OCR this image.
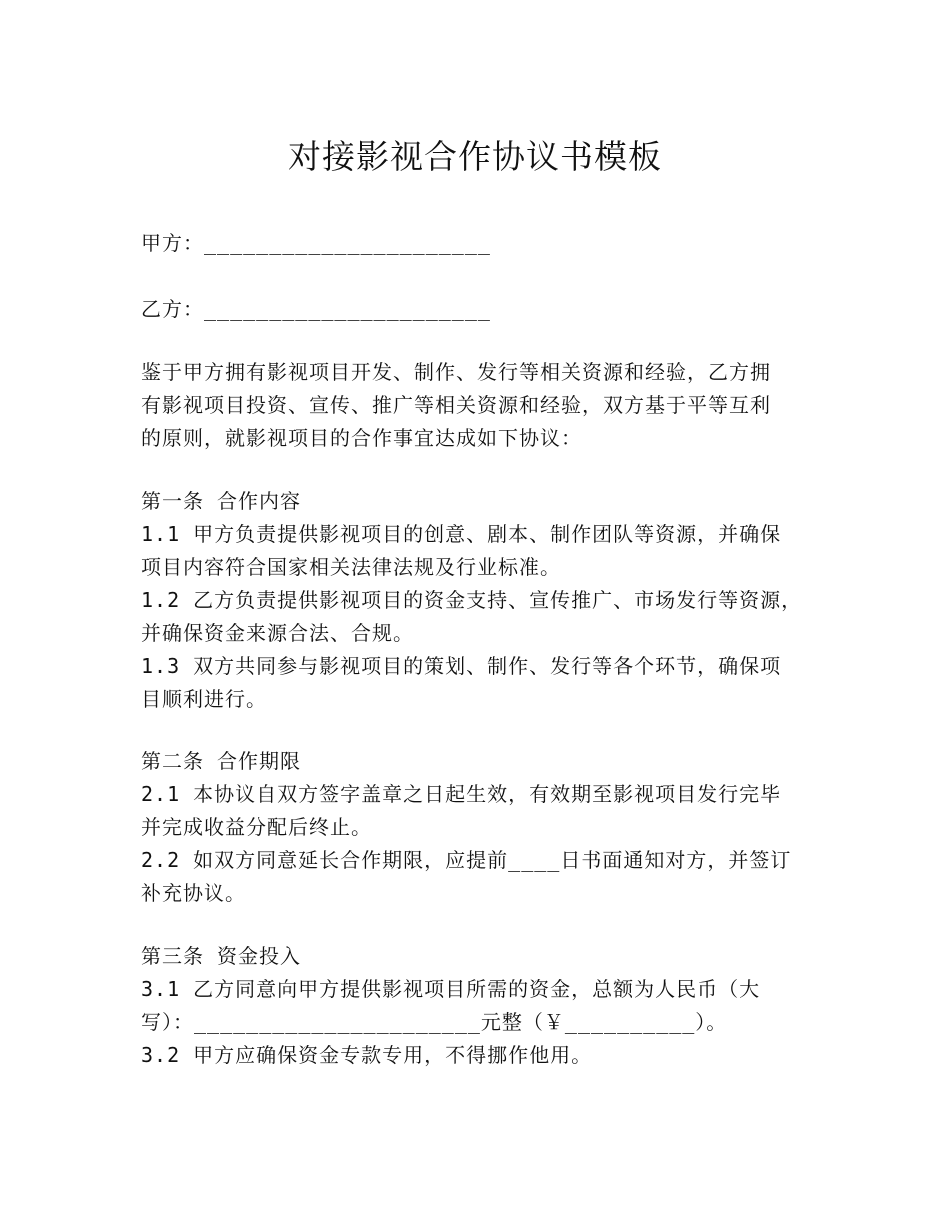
对接影视合作协议书模板
甲方：______________________
乙方：______________________
鉴于甲方拥有影视项目开发、制作、发行等相关资源和经验，乙方拥
有影视项目投资、宣传、推广等相关资源和经验，双方基于平等互利
的原则，就影视项目的合作事宜达成如下协议：
第一条 合作内容
1.1 甲方负责提供影视项目的创意、剧本、制作团队等资源，并确保
项目内容符合国家相关法律法规及行业标准。
1.2 乙方负责提供影视项目的资金支持、宣传推广、市场发行等资源，
并确保资金来源合法、合规。
1.3 双方共同参与影视项目的策划、制作、发行等各个环节，确保项
目顺利进行。
第二条 合作期限
2.1 本协议自双方签字盖章之日起生效，有效期至影视项目发行完毕
并完成收益分配后终止。
2.2 如双方同意延长合作期限，应提前____日书面通知对方，并签订
补充协议。
第三条 资金投入
3.1 乙方同意向甲方提供影视项目所需的资金，总额为人民币（大
写）：______________________元整（￥__________）。
3.2 甲方应确保资金专款专用，不得挪作他用。
